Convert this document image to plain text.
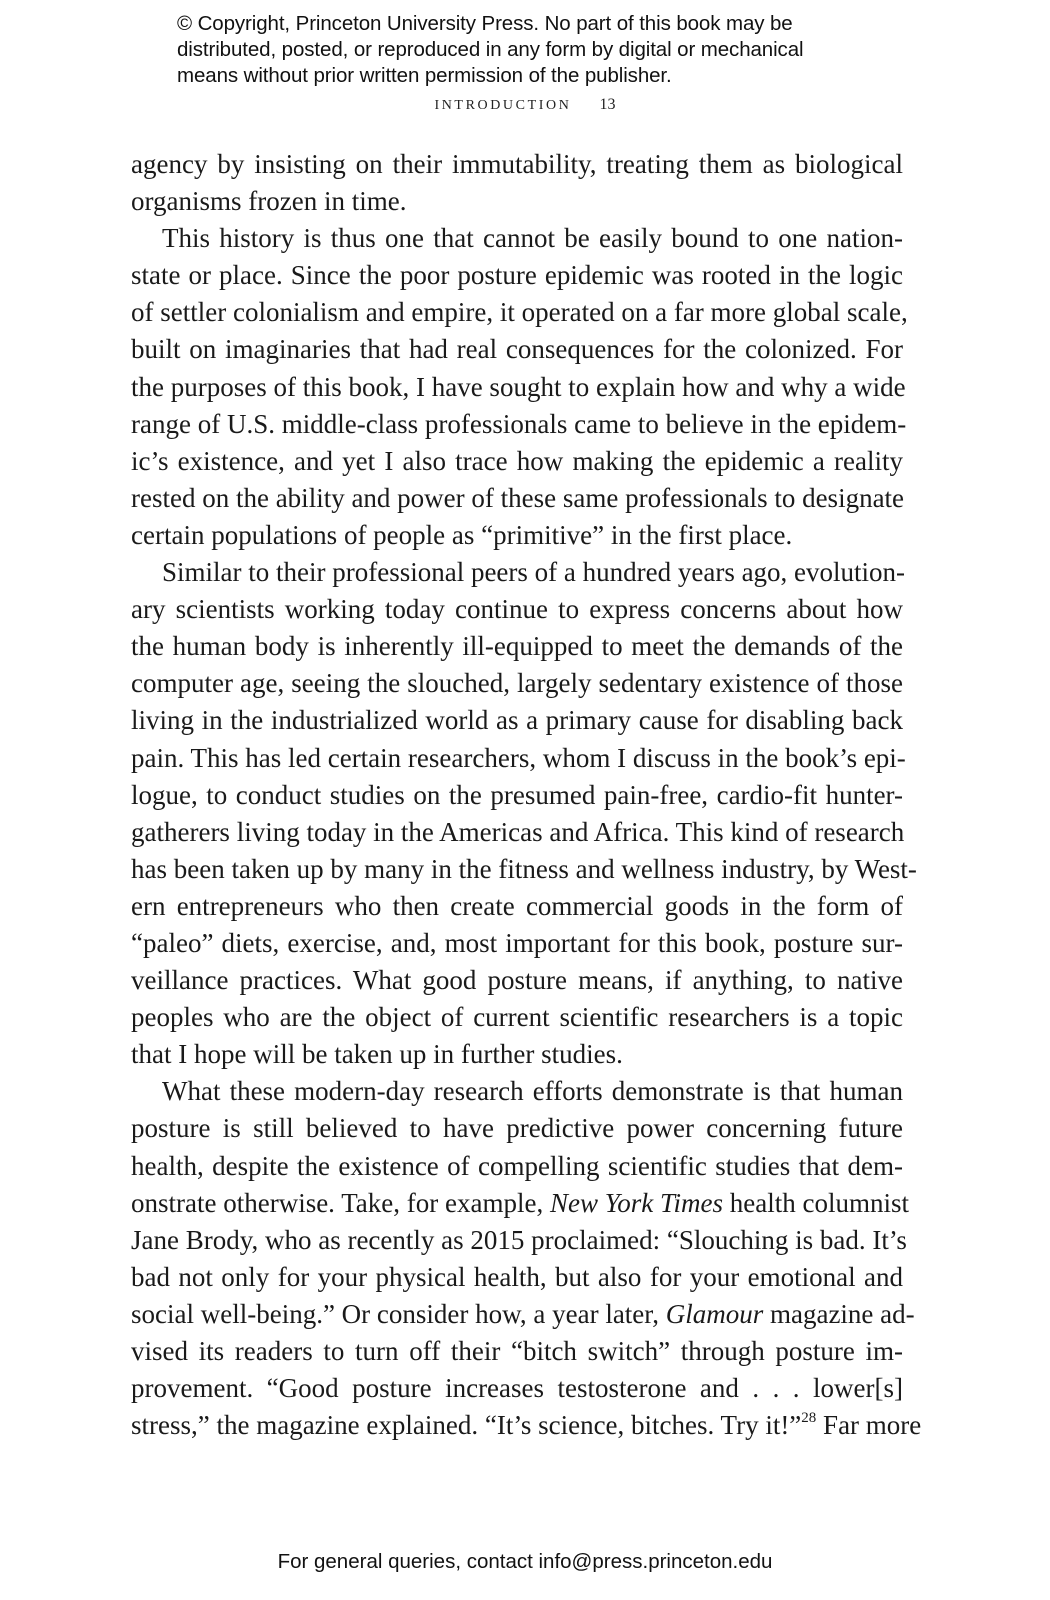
© Copyright, Princeton University Press. No part of this book may be
distributed, posted, or reproduced in any form by digital or mechanical
means without prior written permission of the publisher.
INTRODUCTION 13
agency by insisting on their immutability, treating them as biological
organisms frozen in time.
This history is thus one that cannot be easily bound to one nation-
state or place. Since the poor posture epidemic was rooted in the logic
of settler colonialism and empire, it operated on a far more global scale,
built on imaginaries that had real consequences for the colonized. For
the purposes of this book, I have sought to explain how and why a wide
range of U.S. middle-class professionals came to believe in the epidem-
ic’s existence, and yet I also trace how making the epidemic a reality
rested on the ability and power of these same professionals to designate
certain populations of people as “primitive” in the first place.
Similar to their professional peers of a hundred years ago, evolution-
ary scientists working today continue to express concerns about how
the human body is inherently ill-equipped to meet the demands of the
computer age, seeing the slouched, largely sedentary existence of those
living in the industrialized world as a primary cause for disabling back
pain. This has led certain researchers, whom I discuss in the book’s epi-
logue, to conduct studies on the presumed pain-free, cardio-fit hunter-
gatherers living today in the Americas and Africa. This kind of research
has been taken up by many in the fitness and wellness industry, by West-
ern entrepreneurs who then create commercial goods in the form of
“paleo” diets, exercise, and, most important for this book, posture sur-
veillance practices. What good posture means, if anything, to native
peoples who are the object of current scientific researchers is a topic
that I hope will be taken up in further studies.
What these modern-day research efforts demonstrate is that human
posture is still believed to have predictive power concerning future
health, despite the existence of compelling scientific studies that dem-
onstrate otherwise. Take, for example, New York Times health columnist
Jane Brody, who as recently as 2015 proclaimed: “Slouching is bad. It’s
bad not only for your physical health, but also for your emotional and
social well-being.” Or consider how, a year later, Glamour magazine ad-
vised its readers to turn off their “bitch switch” through posture im-
provement. “Good posture increases testosterone and . . . lower[s]
stress,” the magazine explained. “It’s science, bitches. Try it!”$^{28}$ Far more
For general queries, contact info@press.princeton.edu
